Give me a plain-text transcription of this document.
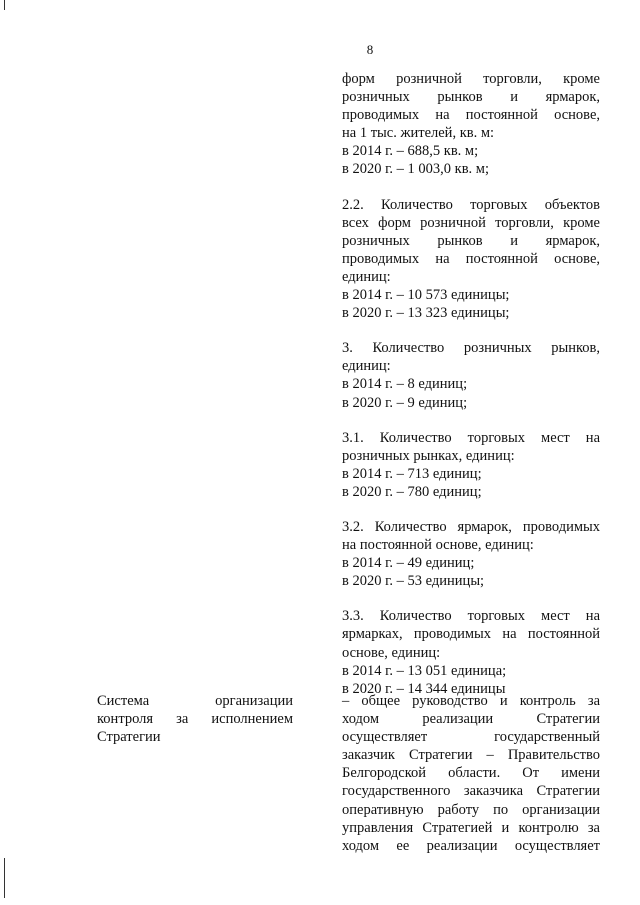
8

форм розничной торговли, кроме
розничных рынков и ярмарок,
проводимых на постоянной основе,
на 1 тыс. жителей, кв. м:
в 2014 г. – 688,5 кв. м;
в 2020 г. – 1 003,0 кв. м;

2.2. Количество торговых объектов
всех форм розничной торговли, кроме
розничных рынков и ярмарок,
проводимых на постоянной основе,
единиц:
в 2014 г. – 10 573 единицы;
в 2020 г. – 13 323 единицы;

3. Количество розничных рынков,
единиц:
в 2014 г. – 8 единиц;
в 2020 г. – 9 единиц;

3.1. Количество торговых мест на
розничных рынках, единиц:
в 2014 г. – 713 единиц;
в 2020 г. – 780 единиц;

3.2. Количество ярмарок, проводимых
на постоянной основе, единиц:
в 2014 г. – 49 единиц;
в 2020 г. – 53 единицы;

3.3. Количество торговых мест на
ярмарках, проводимых на постоянной
основе, единиц:
в 2014 г. – 13 051 единица;
в 2020 г. – 14 344 единицы

Система организации
контроля за исполнением
Стратегии

– общее руководство и контроль за
ходом реализации Стратегии
осуществляет государственный
заказчик Стратегии – Правительство
Белгородской области. От имени
государственного заказчика Стратегии
оперативную работу по организации
управления Стратегией и контролю за
ходом ее реализации осуществляет
